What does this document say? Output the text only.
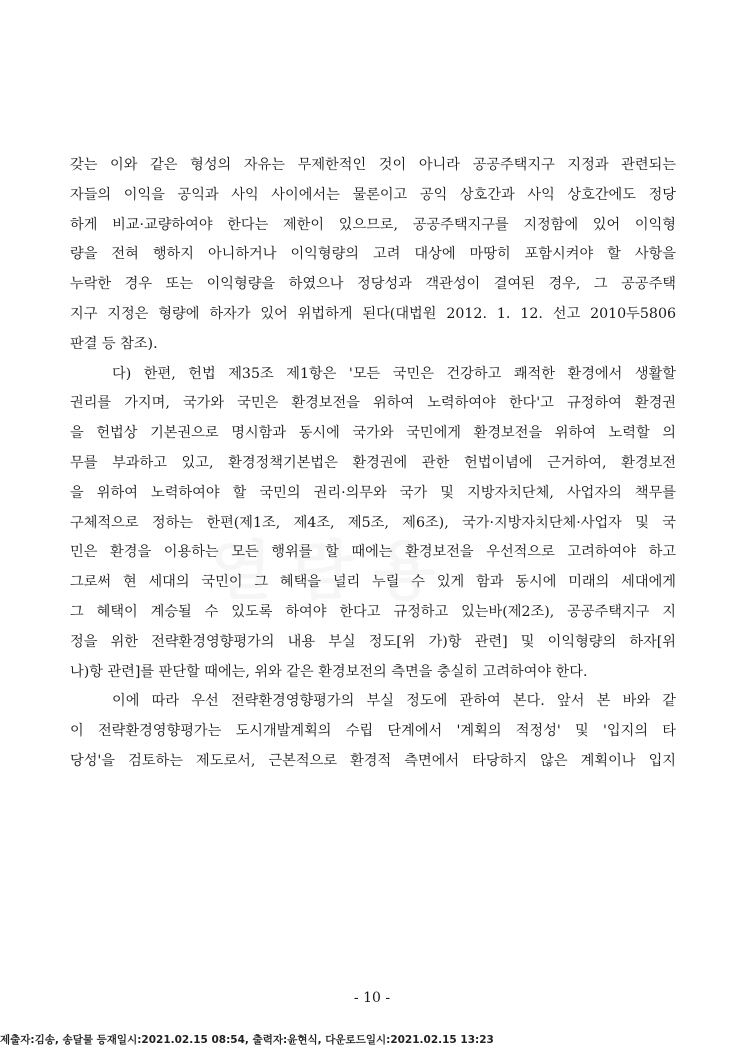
갖는 이와 같은 형성의 자유는 무제한적인 것이 아니라 공공주택지구 지정과 관련되는
자들의 이익을 공익과 사익 사이에서는 물론이고 공익 상호간과 사익 상호간에도 정당
하게 비교·교량하여야 한다는 제한이 있으므로, 공공주택지구를 지정함에 있어 이익형
량을 전혀 행하지 아니하거나 이익형량의 고려 대상에 마땅히 포함시켜야 할 사항을
누락한 경우 또는 이익형량을 하였으나 정당성과 객관성이 결여된 경우, 그 공공주택
지구 지정은 형량에 하자가 있어 위법하게 된다(대법원 2012. 1. 12. 선고 2010두5806
판결 등 참조).
다) 한편, 헌법 제35조 제1항은 '모든 국민은 건강하고 쾌적한 환경에서 생활할
권리를 가지며, 국가와 국민은 환경보전을 위하여 노력하여야 한다'고 규정하여 환경권
을 헌법상 기본권으로 명시함과 동시에 국가와 국민에게 환경보전을 위하여 노력할 의
무를 부과하고 있고, 환경정책기본법은 환경권에 관한 헌법이념에 근거하여, 환경보전
을 위하여 노력하여야 할 국민의 권리·의무와 국가 및 지방자치단체, 사업자의 책무를
구체적으로 정하는 한편(제1조, 제4조, 제5조, 제6조), 국가·지방자치단체·사업자 및 국
민은 환경을 이용하는 모든 행위를 할 때에는 환경보전을 우선적으로 고려하여야 하고
그로써 현 세대의 국민이 그 혜택을 널리 누릴 수 있게 함과 동시에 미래의 세대에게
그 혜택이 계승될 수 있도록 하여야 한다고 규정하고 있는바(제2조), 공공주택지구 지
정을 위한 전략환경영향평가의 내용 부실 정도[위 가)항 관련] 및 이익형량의 하자[위
나)항 관련]를 판단할 때에는, 위와 같은 환경보전의 측면을 충실히 고려하여야 한다.
이에 따라 우선 전략환경영향평가의 부실 정도에 관하여 본다. 앞서 본 바와 같
이 전략환경영향평가는 도시개발계획의 수립 단계에서 '계획의 적정성' 및 '입지의 타
당성'을 검토하는 제도로서, 근본적으로 환경적 측면에서 타당하지 않은 계획이나 입지
- 10 -
제출자:김송, 송달물 등재일시:2021.02.15 08:54, 출력자:윤현식, 다운로드일시:2021.02.15 13:23
